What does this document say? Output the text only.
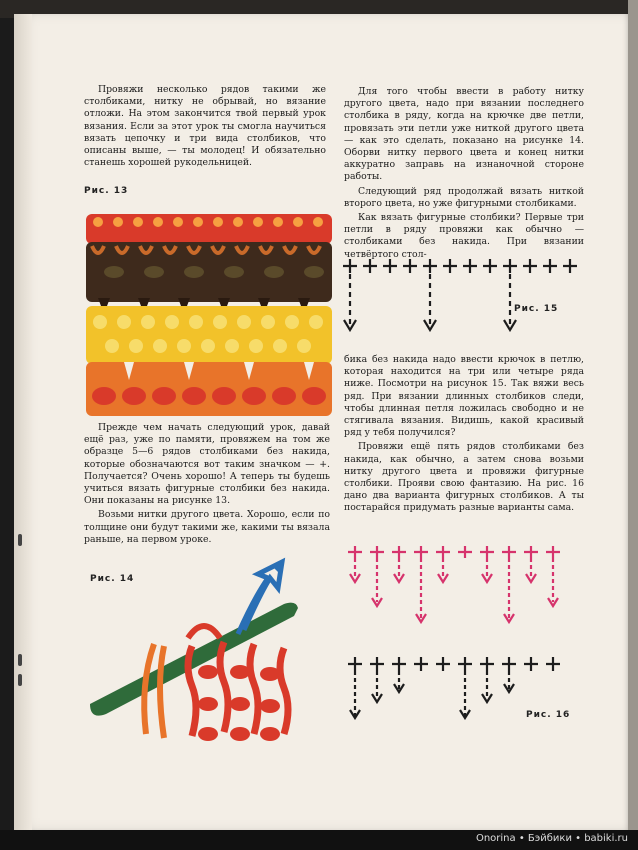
Провяжи несколько рядов такими же столбиками, нитку не обрывай, но вязание отложи. На этом закончится твой первый урок вязания. Если за этот урок ты смогла научиться вязать цепочку и три вида столбиков, что описаны выше, — ты молодец! И обязательно станешь хорошей рукодельницей.

Рис. 13

Прежде чем начать следующий урок, давай ещё раз, уже по памяти, провяжем на том же образце 5—6 рядов столбиками без накида, которые обозначаются вот таким значком — +. Получается? Очень хорошо! А теперь ты будешь учиться вязать фигурные столбики без накида. Они показаны на рисунке 13.

Возьми нитки другого цвета. Хорошо, если по толщине они будут такими же, какими ты вязала раньше, на первом уроке.

Рис. 14

Для того чтобы ввести в работу нитку другого цвета, надо при вязании последнего столбика в ряду, когда на крючке две петли, провязать эти петли уже ниткой другого цвета — как это сделать, показано на рисунке 14. Оборви нитку первого цвета и конец нитки аккуратно заправь на изнаночной стороне работы.

Следующий ряд продолжай вязать ниткой второго цвета, но уже фигурными столбиками.

Как вязать фигурные столбики? Первые три петли в ряду провяжи как обычно — столбиками без накида. При вязании четвёртого стол-

Рис. 15

бика без накида надо ввести крючок в петлю, которая находится на три или четыре ряда ниже. Посмотри на рисунок 15. Так вяжи весь ряд. При вязании длинных столбиков следи, чтобы длинная петля ложилась свободно и не стягивала вязания. Видишь, какой красивый ряд у тебя получился?

Провяжи ещё пять рядов столбиками без накида, как обычно, а затем снова возьми нитку другого цвета и провяжи фигурные столбики. Прояви свою фантазию. На рис. 16 дано два варианта фигурных столбиков. А ты постарайся придумать разные варианты сама.

Рис. 16
Onorina • Бэйбики • babiki.ru
